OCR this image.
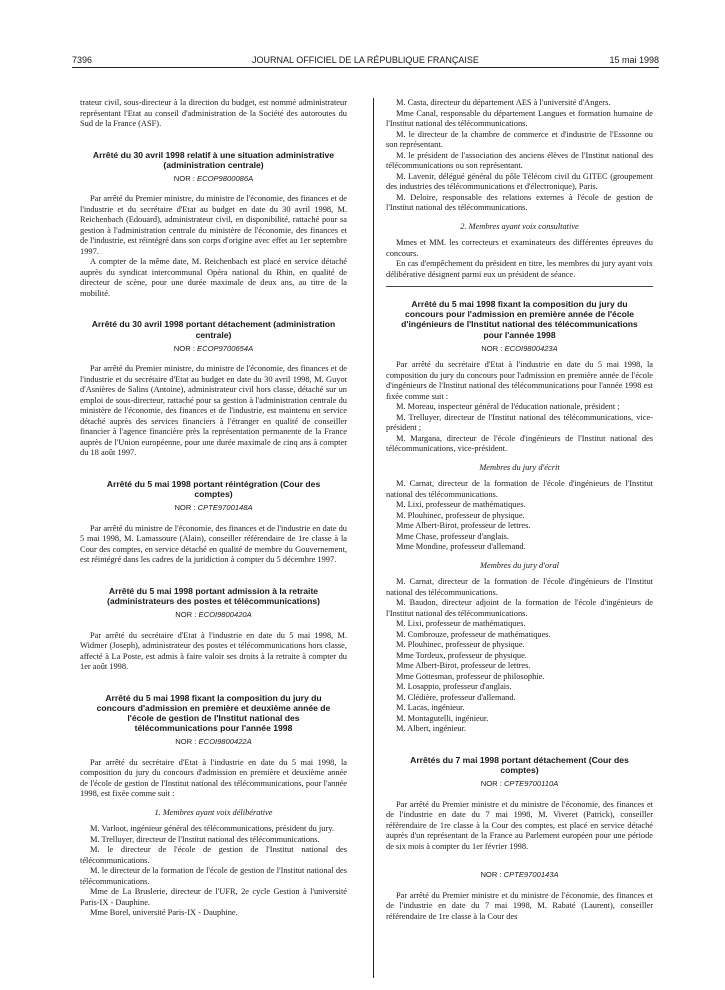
7396	JOURNAL OFFICIEL DE LA RÉPUBLIQUE FRANÇAISE	15 mai 1998

trateur civil, sous-directeur à la direction du budget, est nommé administrateur représentant l'Etat au conseil d'administration de la Société des autoroutes du Sud de la France (ASF).

Arrêté du 30 avril 1998 relatif à une situation administrative (administration centrale)

NOR : ECOP9800086A

Par arrêté du Premier ministre, du ministre de l'économie, des finances et de l'industrie et du secrétaire d'Etat au budget en date du 30 avril 1998, M. Reichenbach (Edouard), administrateur civil, en disponibilité, rattaché pour sa gestion à l'administration centrale du ministère de l'économie, des finances et de l'industrie, est réintégré dans son corps d'origine avec effet au 1er septembre 1997.

A compter de la même date, M. Reichenbach est placé en service détaché auprès du syndicat intercommunal Opéra national du Rhin, en qualité de directeur de scène, pour une durée maximale de deux ans, au titre de la mobilité.

Arrêté du 30 avril 1998 portant détachement (administration centrale)

NOR : ECOP9700654A

Par arrêté du Premier ministre, du ministre de l'économie, des finances et de l'industrie et du secrétaire d'Etat au budget en date du 30 avril 1998, M. Guyot d'Asnières de Salins (Antoine), administrateur civil hors classe, détaché sur un emploi de sous-directeur, rattaché pour sa gestion à l'administration centrale du ministère de l'économie, des finances et de l'industrie, est maintenu en service détaché auprès des services financiers à l'étranger en qualité de conseiller financier à l'agence financière près la représentation permanente de la France auprès de l'Union européenne, pour une durée maximale de cinq ans à compter du 18 août 1997.

Arrêté du 5 mai 1998 portant réintégration (Cour des comptes)

NOR : CPTE9700148A

Par arrêté du ministre de l'économie, des finances et de l'industrie en date du 5 mai 1998, M. Lamassoure (Alain), conseiller référendaire de 1re classe à la Cour des comptes, en service détaché en qualité de membre du Gouvernement, est réintégré dans les cadres de la juridiction à compter du 5 décembre 1997.

Arrêté du 5 mai 1998 portant admission à la retraite (administrateurs des postes et télécommunications)

NOR : ECOI9800420A

Par arrêté du secrétaire d'Etat à l'industrie en date du 5 mai 1998, M. Widmer (Joseph), administrateur des postes et télécommunications hors classe, affecté à La Poste, est admis à faire valoir ses droits à la retraite à compter du 1er août 1998.

Arrêté du 5 mai 1998 fixant la composition du jury du concours d'admission en première et deuxième année de l'école de gestion de l'Institut national des télécommunications pour l'année 1998

NOR : ECOI9800422A

Par arrêté du secrétaire d'Etat à l'industrie en date du 5 mai 1998, la composition du jury du concours d'admission en première et deuxième année de l'école de gestion de l'Institut national des télécommunications, pour l'année 1998, est fixée comme suit :

1. Membres ayant voix délibérative

M. Varloot, ingénieur général des télécommunications, président du jury.

M. Trelluyer, directeur de l'Institut national des télécommunications.

M. le directeur de l'école de gestion de l'Institut national des télécommunications.

M. le directeur de la formation de l'école de gestion de l'Institut national des télécommunications.

Mme de La Bruslerie, directeur de l'UFR, 2e cycle Gestion à l'université Paris-IX - Dauphine.

Mme Borel, université Paris-IX - Dauphine.

M. Casta, directeur du département AES à l'université d'Angers.

Mme Canal, responsable du département Langues et formation humaine de l'Institut national des télécommunications.

M. le directeur de la chambre de commerce et d'industrie de l'Essonne ou son représentant.

M. le président de l'association des anciens élèves de l'Institut national des télécommunications ou son représentant.

M. Lavenir, délégué général du pôle Télécom civil du GITEC (groupement des industries des télécommunications et d'électronique), Paris.

M. Deloire, responsable des relations externes à l'école de gestion de l'Institut national des télécommunications.

2. Membres ayant voix consultative

Mmes et MM. les correcteurs et examinateurs des différentes épreuves du concours.

En cas d'empêchement du président en titre, les membres du jury ayant voix délibérative désignent parmi eux un président de séance.

Arrêté du 5 mai 1998 fixant la composition du jury du concours pour l'admission en première année de l'école d'ingénieurs de l'Institut national des télécommunications pour l'année 1998

NOR : ECOI9800423A

Par arrêté du secrétaire d'Etat à l'industrie en date du 5 mai 1998, la composition du jury du concours pour l'admission en première année de l'école d'ingénieurs de l'Institut national des télécommunications pour l'année 1998 est fixée comme suit :

M. Moreau, inspecteur général de l'éducation nationale, président ;

M. Trelluyer, directeur de l'Institut national des télécommunications, vice-président ;

M. Margana, directeur de l'école d'ingénieurs de l'Institut national des télécommunications, vice-président.

Membres du jury d'écrit

M. Carnat, directeur de la formation de l'école d'ingénieurs de l'Institut national des télécommunications.

M. Lixi, professeur de mathématiques.

M. Plouhinec, professeur de physique.

Mme Albert-Birot, professeur de lettres.

Mme Chase, professeur d'anglais.

Mme Mondine, professeur d'allemand.

Membres du jury d'oral

M. Carnat, directeur de la formation de l'école d'ingénieurs de l'Institut national des télécommunications.

M. Baudon, directeur adjoint de la formation de l'école d'ingénieurs de l'Institut national des télécommunications.

M. Lixi, professeur de mathématiques.

M. Combrouze, professeur de mathématiques.

M. Plouhinec, professeur de physique.

Mme Tordeux, professeur de physique.

Mme Albert-Birot, professeur de lettres.

Mme Gottesman, professeur de philosophie.

M. Losappio, professeur d'anglais.

M. Clédière, professeur d'allemand.

M. Lacas, ingénieur.

M. Montagutelli, ingénieur.

M. Albert, ingénieur.

Arrêtés du 7 mai 1998 portant détachement (Cour des comptes)

NOR : CPTE9700110A

Par arrêté du Premier ministre et du ministre de l'économie, des finances et de l'industrie en date du 7 mai 1998, M. Viveret (Patrick), conseiller référendaire de 1re classe à la Cour des comptes, est placé en service détaché auprès d'un représentant de la France au Parlement européen pour une période de six mois à compter du 1er février 1998.

NOR : CPTE9700143A

Par arrêté du Premier ministre et du ministre de l'économie, des finances et de l'industrie en date du 7 mai 1998, M. Rabaté (Laurent), conseiller référendaire de 1re classe à la Cour des
